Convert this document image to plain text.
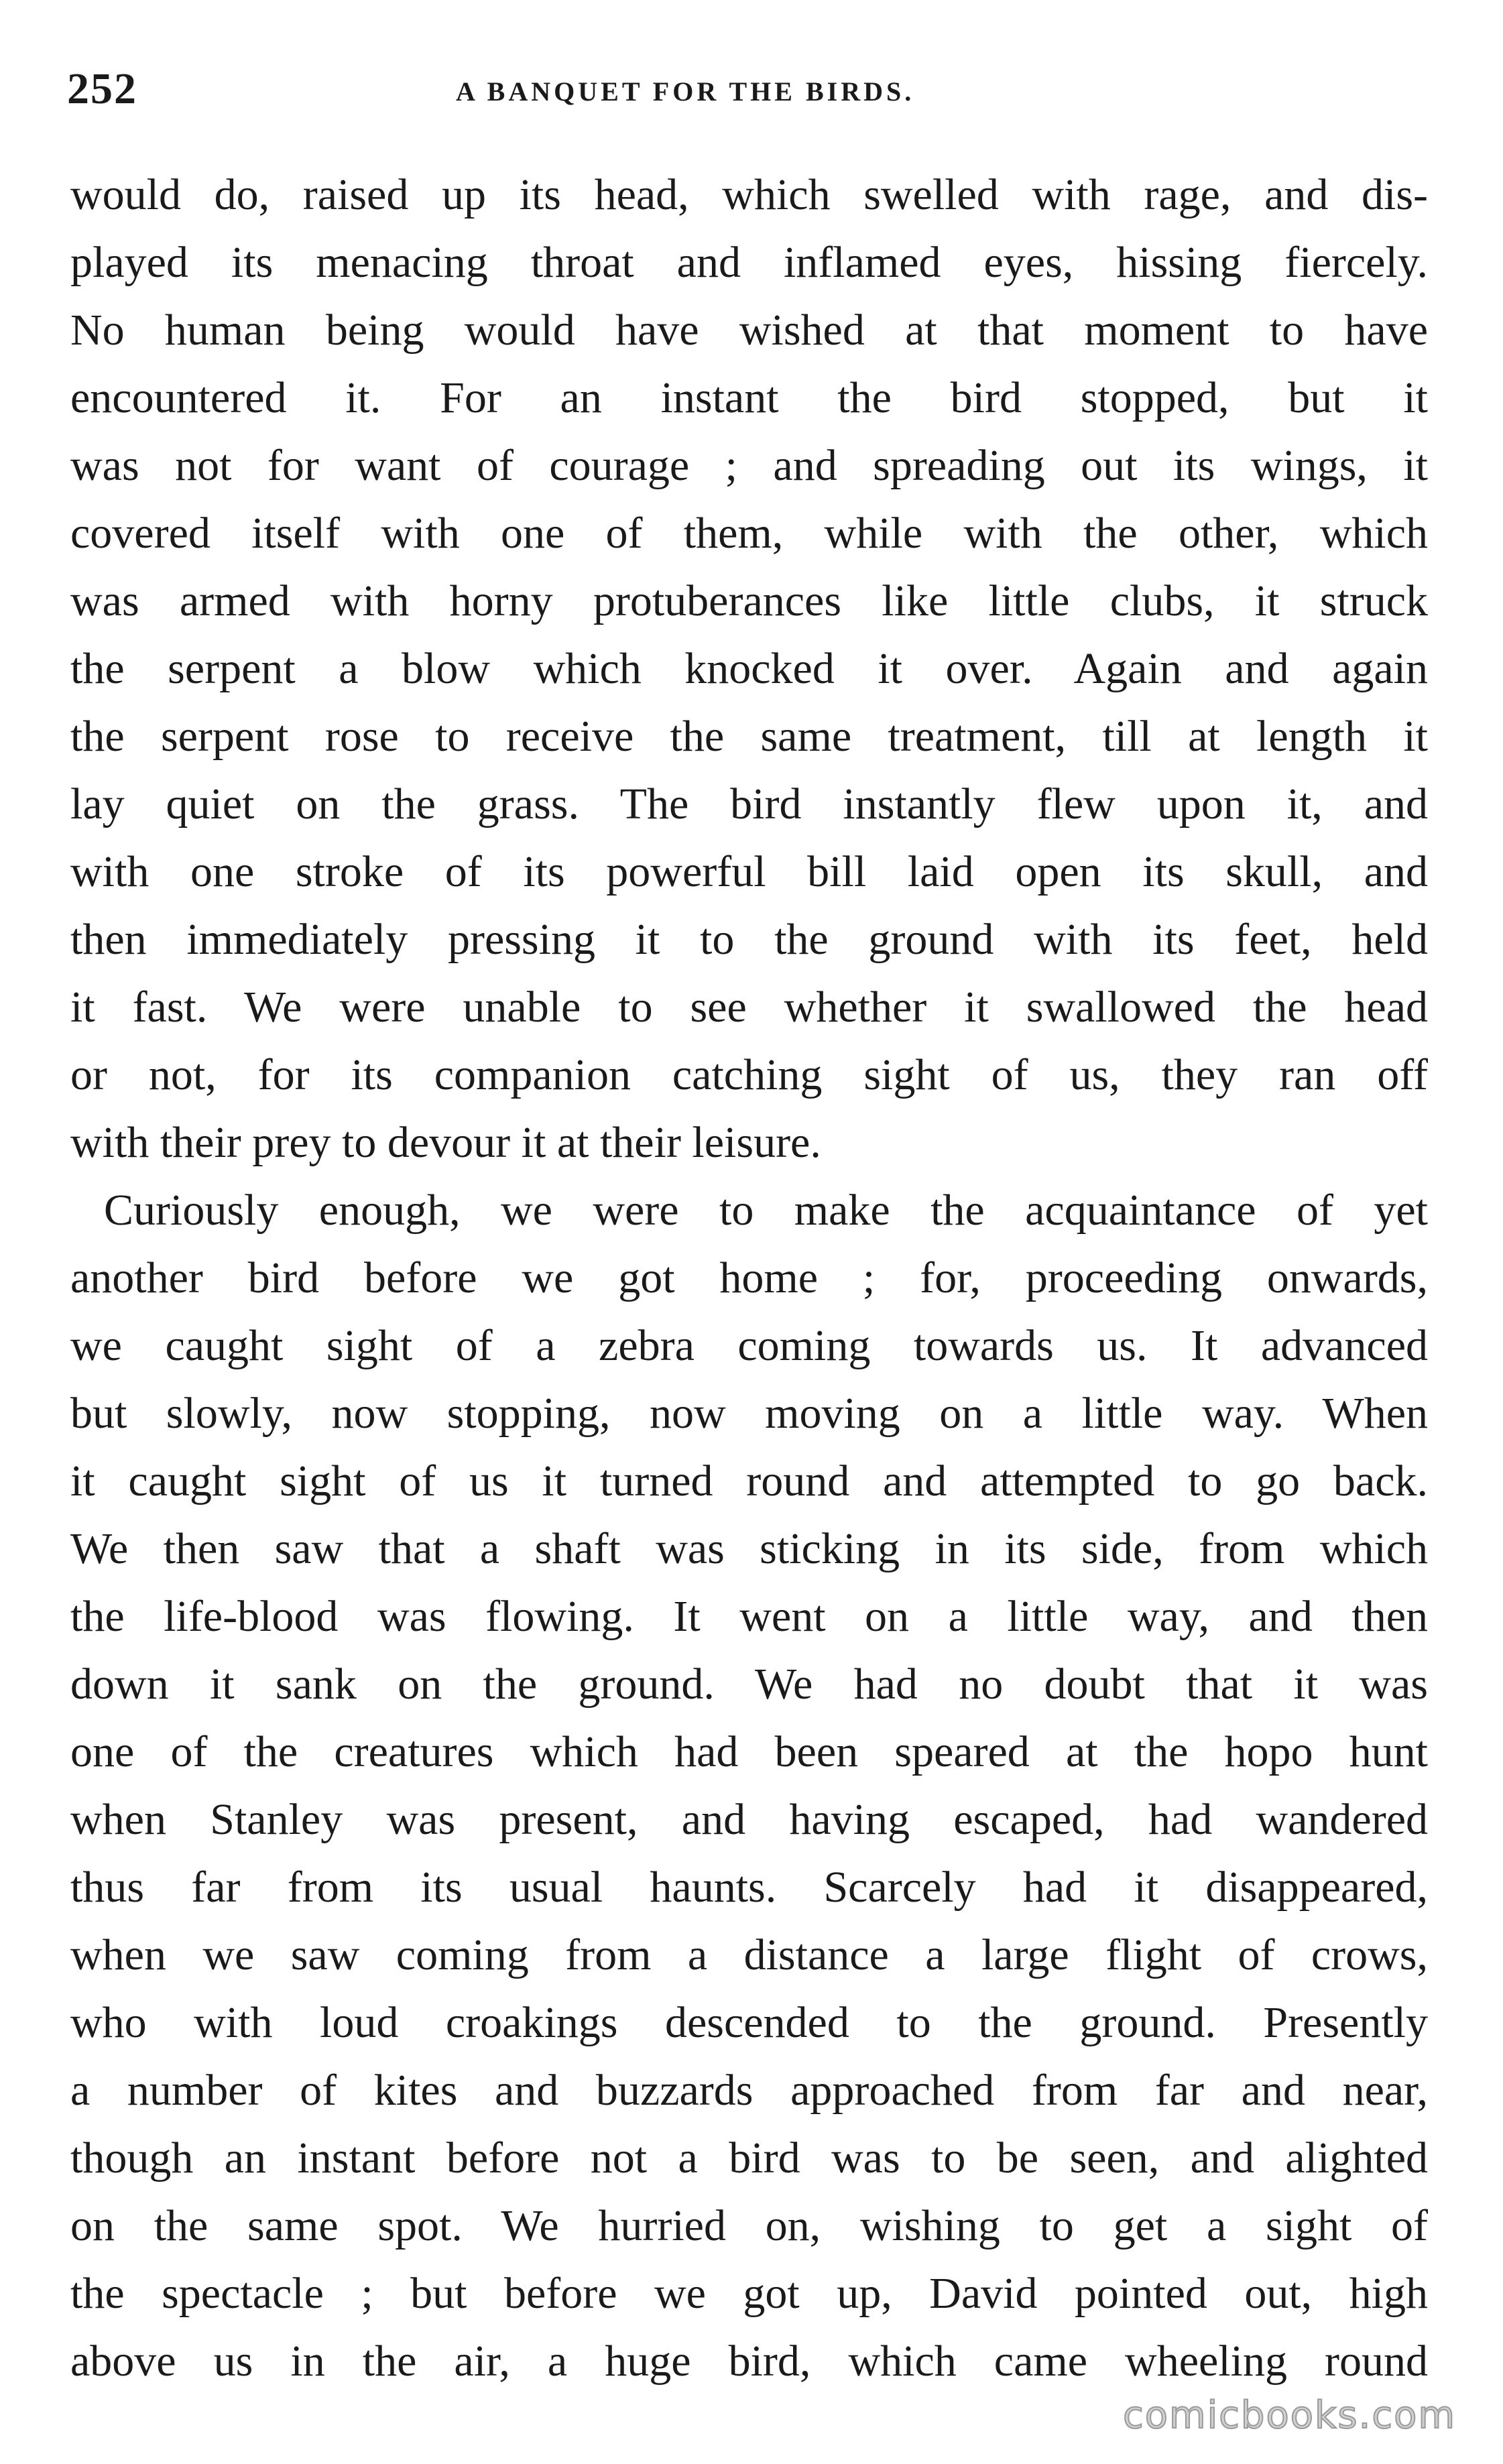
252	A BANQUET FOR THE BIRDS.
would do, raised up its head, which swelled with rage, and dis-
played its menacing throat and inflamed eyes, hissing fiercely.
No human being would have wished at that moment to have
encountered it. For an instant the bird stopped, but it
was not for want of courage ; and spreading out its wings, it
covered itself with one of them, while with the other, which
was armed with horny protuberances like little clubs, it struck
the serpent a blow which knocked it over. Again and again
the serpent rose to receive the same treatment, till at length it
lay quiet on the grass. The bird instantly flew upon it, and
with one stroke of its powerful bill laid open its skull, and
then immediately pressing it to the ground with its feet, held
it fast. We were unable to see whether it swallowed the head
or not, for its companion catching sight of us, they ran off
with their prey to devour it at their leisure.
Curiously enough, we were to make the acquaintance of yet
another bird before we got home ; for, proceeding onwards,
we caught sight of a zebra coming towards us. It advanced
but slowly, now stopping, now moving on a little way. When
it caught sight of us it turned round and attempted to go back.
We then saw that a shaft was sticking in its side, from which
the life-blood was flowing. It went on a little way, and then
down it sank on the ground. We had no doubt that it was
one of the creatures which had been speared at the hopo hunt
when Stanley was present, and having escaped, had wandered
thus far from its usual haunts. Scarcely had it disappeared,
when we saw coming from a distance a large flight of crows,
who with loud croakings descended to the ground. Presently
a number of kites and buzzards approached from far and near,
though an instant before not a bird was to be seen, and alighted
on the same spot. We hurried on, wishing to get a sight of
the spectacle ; but before we got up, David pointed out, high
above us in the air, a huge bird, which came wheeling round
comicbooks.com
